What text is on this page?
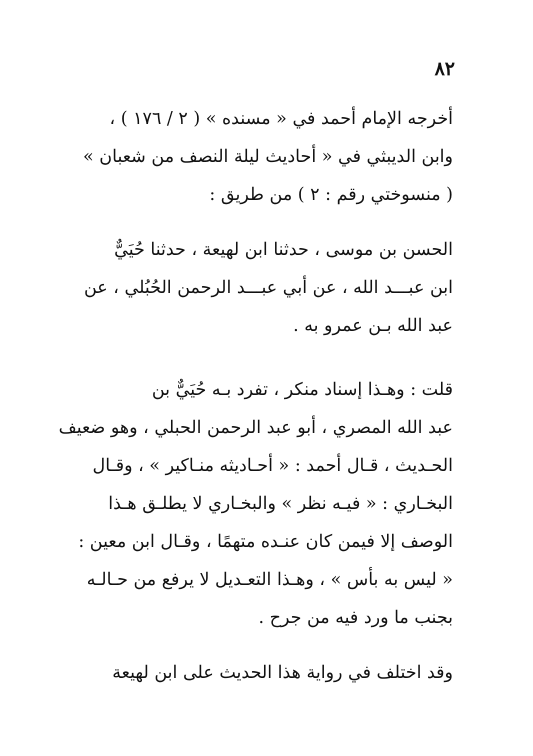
٨٢
أخرجه الإمام أحمد في « مسنده » ( ٢ / ١٧٦ ) ،
وابن الديبثي في « أحاديث ليلة النصف من شعبان »
( منسوختي رقم : ٢ ) من طريق :
الحسن بن موسى ، حدثنا ابن لهيعة ، حدثنا حُيَيٌّ
ابن عبـــد الله ، عن أبي عبـــد الرحمن الحُبُلي ، عن
عبد الله بـن عمرو به .
قلت : وهـذا إسناد منكر ، تفرد بـه حُيَيٌّ بن
عبد الله المصري ، أبو عبد الرحمن الحبلي ، وهو ضعيف
الحـديث ، قـال أحمد : « أحـاديثه منـاكير » ، وقـال
البخـاري : « فيـه نظر » والبخـاري لا يطلـق هـذا
الوصف إلا فيمن كان عنـده متهمًا ، وقـال ابن معين :
« ليس به بأس » ، وهـذا التعـديل لا يرفع من حـالـه
بجنب ما ورد فيه من جرح .
وقد اختلف في رواية هذا الحديث على ابن لهيعة
